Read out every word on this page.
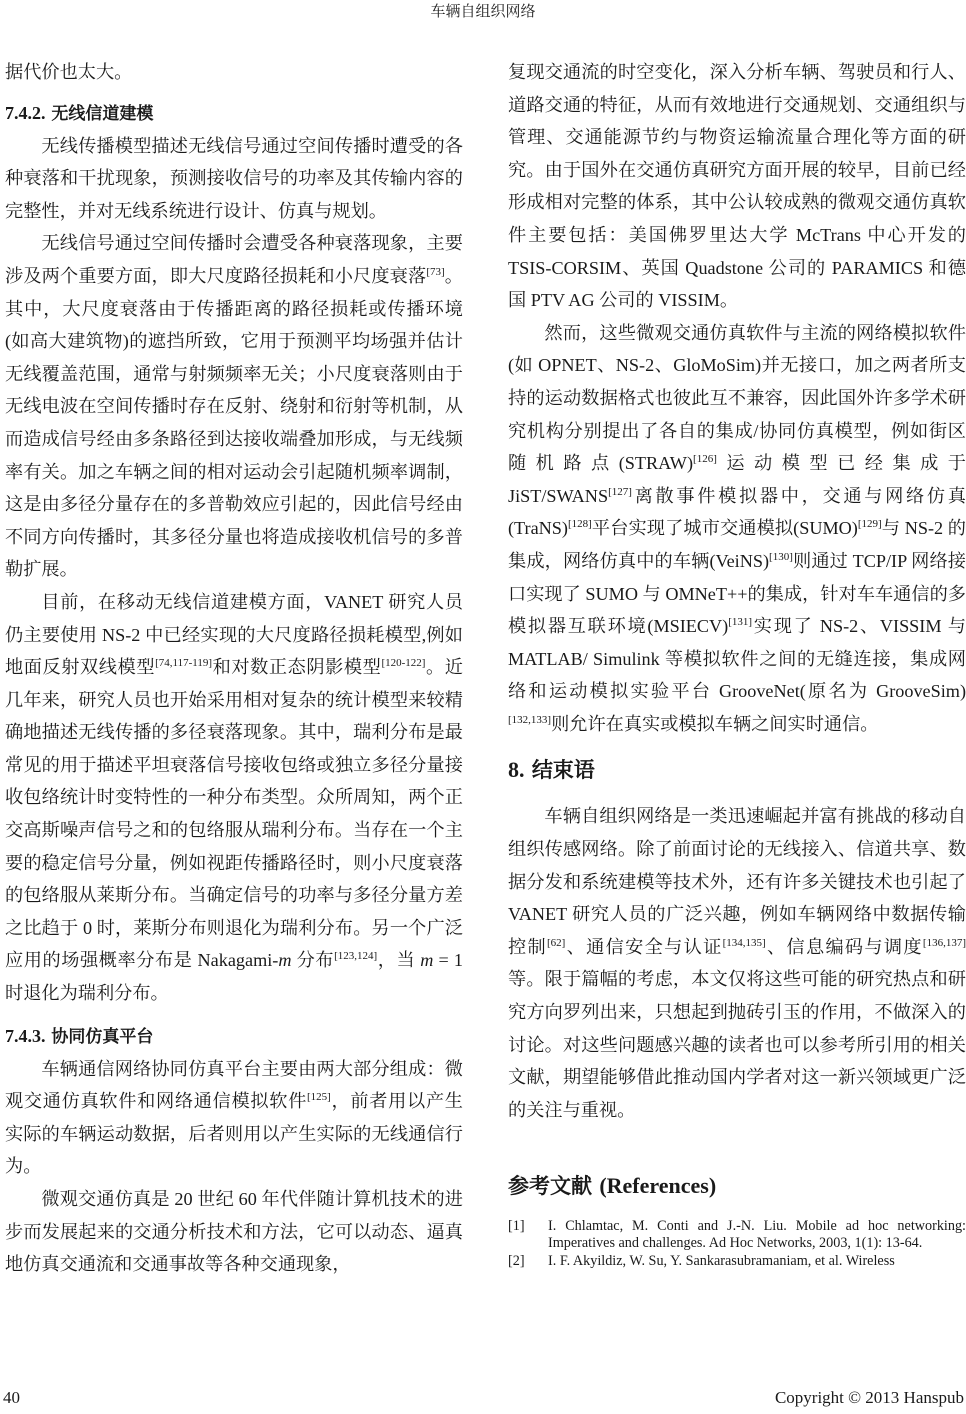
车辆自组织网络

据代价也太大。

7.4.2. 无线信道建模

无线传播模型描述无线信号通过空间传播时遭受的各种衰落和干扰现象，预测接收信号的功率及其传输内容的完整性，并对无线系统进行设计、仿真与规划。

无线信号通过空间传播时会遭受各种衰落现象，主要涉及两个重要方面，即大尺度路径损耗和小尺度衰落[73]。其中，大尺度衰落由于传播距离的路径损耗或传播环境(如高大建筑物)的遮挡所致，它用于预测平均场强并估计无线覆盖范围，通常与射频频率无关；小尺度衰落则由于无线电波在空间传播时存在反射、绕射和衍射等机制，从而造成信号经由多条路径到达接收端叠加形成，与无线频率有关。加之车辆之间的相对运动会引起随机频率调制，这是由多径分量存在的多普勒效应引起的，因此信号经由不同方向传播时，其多径分量也将造成接收机信号的多普勒扩展。

目前，在移动无线信道建模方面，VANET 研究人员仍主要使用 NS-2 中已经实现的大尺度路径损耗模型,例如地面反射双线模型[74,117-119]和对数正态阴影模型[120-122]。近几年来，研究人员也开始采用相对复杂的统计模型来较精确地描述无线传播的多径衰落现象。其中，瑞利分布是最常见的用于描述平坦衰落信号接收包络或独立多径分量接收包络统计时变特性的一种分布类型。众所周知，两个正交高斯噪声信号之和的包络服从瑞利分布。当存在一个主要的稳定信号分量，例如视距传播路径时，则小尺度衰落的包络服从莱斯分布。当确定信号的功率与多径分量方差之比趋于 0 时，莱斯分布则退化为瑞利分布。另一个广泛应用的场强概率分布是 Nakagami-m 分布[123,124]，当 m = 1 时退化为瑞利分布。

7.4.3. 协同仿真平台

车辆通信网络协同仿真平台主要由两大部分组成：微观交通仿真软件和网络通信模拟软件[125]，前者用以产生实际的车辆运动数据，后者则用以产生实际的无线通信行为。

微观交通仿真是 20 世纪 60 年代伴随计算机技术的进步而发展起来的交通分析技术和方法，它可以动态、逼真地仿真交通流和交通事故等各种交通现象，

复现交通流的时空变化，深入分析车辆、驾驶员和行人、道路交通的特征，从而有效地进行交通规划、交通组织与管理、交通能源节约与物资运输流量合理化等方面的研究。由于国外在交通仿真研究方面开展的较早，目前已经形成相对完整的体系，其中公认较成熟的微观交通仿真软件主要包括：美国佛罗里达大学 McTrans 中心开发的 TSIS-CORSIM、英国 Quadstone 公司的 PARAMICS 和德国 PTV AG 公司的 VISSIM。

然而，这些微观交通仿真软件与主流的网络模拟软件(如 OPNET、NS-2、GloMoSim)并无接口，加之两者所支持的运动数据格式也彼此互不兼容，因此国外许多学术研究机构分别提出了各自的集成/协同仿真模型，例如街区随机路点(STRAW)[126]运动模型已经集成于 JiST/SWANS[127]离散事件模拟器中，交通与网络仿真(TraNS)[128]平台实现了城市交通模拟(SUMO)[129]与 NS-2 的集成，网络仿真中的车辆(VeiNS)[130]则通过 TCP/IP 网络接口实现了 SUMO 与 OMNeT++的集成，针对车车通信的多模拟器互联环境(MSIECV)[131]实现了 NS-2、VISSIM 与 MATLAB/ Simulink 等模拟软件之间的无缝连接，集成网络和运动模拟实验平台 GrooveNet(原名为 GrooveSim)[132,133]则允许在真实或模拟车辆之间实时通信。

8. 结束语

车辆自组织网络是一类迅速崛起并富有挑战的移动自组织传感网络。除了前面讨论的无线接入、信道共享、数据分发和系统建模等技术外，还有许多关键技术也引起了 VANET 研究人员的广泛兴趣，例如车辆网络中数据传输控制[62]、通信安全与认证[134,135]、信息编码与调度[136,137]等。限于篇幅的考虑，本文仅将这些可能的研究热点和研究方向罗列出来，只想起到抛砖引玉的作用，不做深入的讨论。对这些问题感兴趣的读者也可以参考所引用的相关文献，期望能够借此推动国内学者对这一新兴领域更广泛的关注与重视。

参考文献 (References)
[1]	I. Chlamtac, M. Conti and J.-N. Liu. Mobile ad hoc networking: Imperatives and challenges. Ad Hoc Networks, 2003, 1(1): 13-64.
[2]	I. F. Akyildiz, W. Su, Y. Sankarasubramaniam, et al. Wireless
40	Copyright © 2013 Hanspub
